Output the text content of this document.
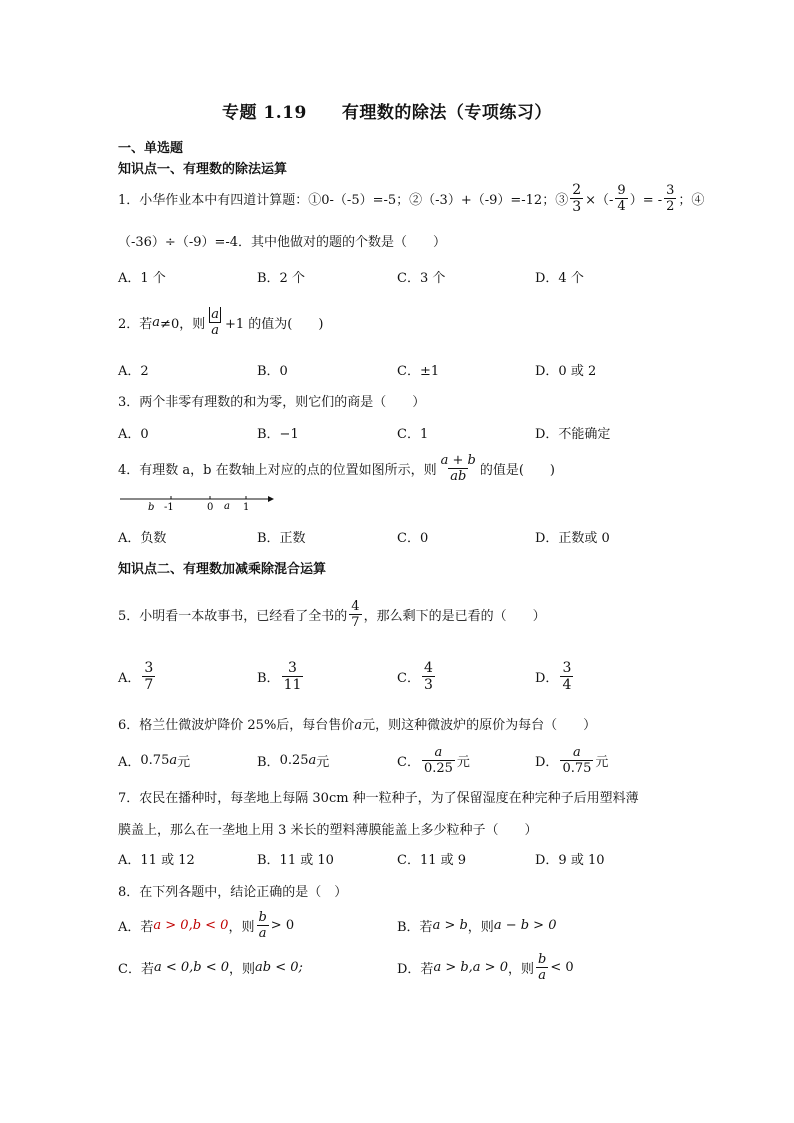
专题 1.19　　有理数的除法（专项练习）
一、单选题
知识点一、有理数的除法运算
1．小华作业本中有四道计算题：①0-（-5）=-5；②（-3）+（-9）=-12；③ $\frac{2}{3}$ ×（- $\frac{9}{4}$ ）= - $\frac{3}{2}$ ；④
（-36）÷（-9）=-4．其中他做对的题的个数是（　　）
A．1 个	B．2 个	C．3 个	D．4 个
2．若 a ≠0，则 $\frac{a}{a} +1$ 的值为(　　)
A．2	B．0	C．±1	D．0 或 2
3．两个非零有理数的和为零，则它们的商是（　　）
A．0	B．−1	C．1	D．不能确定
4．有理数 a，b 在数轴上对应的点的位置如图所示，则 $\frac{a + b}{ab}$ 的值是(　　)
b -1	0 a 1
A．负数	B．正数	C．0	D．正数或 0
知识点二、有理数加减乘除混合运算
5．小明看一本故事书，已经看了全书的 $\frac{4}{7}$ ，那么剩下的是已看的（　　）
A． $\frac{3}{7}$	B． $\frac{3}{11}$	C． $\frac{4}{3}$	D． $\frac{3}{4}$
6．格兰仕微波炉降价 25%后，每台售价a元，则这种微波炉的原价为每台（　　）
A． 0.75 a 元	B． 0.25 a 元	C． $\frac{a}{0.25}$ 元	D． $\frac{a}{0.75}$ 元
7．农民在播种时，每垄地上每隔 30cm 种一粒种子，为了保留湿度在种完种子后用塑料薄
膜盖上，那么在一垄地上用 3 米长的塑料薄膜能盖上多少粒种子（　　）
A．11 或 12	B．11 或 10	C．11 或 9	D．9 或 10
8．在下列各题中，结论正确的是（　）
A．若 a > 0,b < 0 ，则 $\frac{b}{a} > 0$	B．若 a > b ，则 a − b > 0
C．若 a < 0,b < 0 ，则 ab < 0;	D．若 a > b,a > 0 ，则 $\frac{b}{a} < 0$
